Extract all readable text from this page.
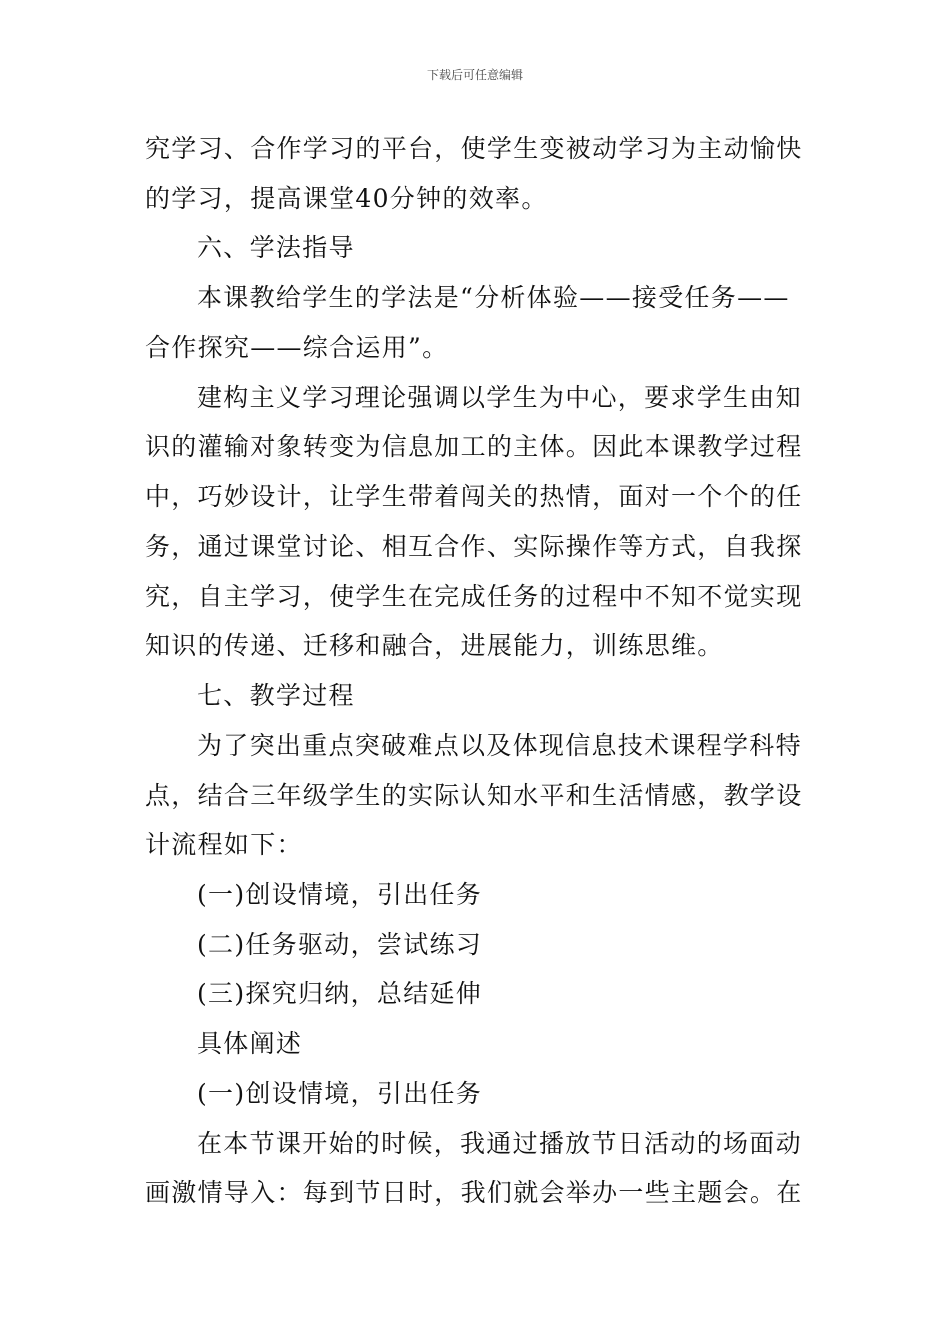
下载后可任意编辑
究学习、合作学习的平台，使学生变被动学习为主动愉快
的学习，提高课堂40分钟的效率。
六、学法指导
本课教给学生的学法是“分析体验——接受任务——
合作探究——综合运用”。
建构主义学习理论强调以学生为中心，要求学生由知
识的灌输对象转变为信息加工的主体。因此本课教学过程
中，巧妙设计，让学生带着闯关的热情，面对一个个的任
务，通过课堂讨论、相互合作、实际操作等方式，自我探
究，自主学习，使学生在完成任务的过程中不知不觉实现
知识的传递、迁移和融合，进展能力，训练思维。
七、教学过程
为了突出重点突破难点以及体现信息技术课程学科特
点，结合三年级学生的实际认知水平和生活情感，教学设
计流程如下：
(一)创设情境，引出任务
(二)任务驱动，尝试练习
(三)探究归纳，总结延伸
具体阐述
(一)创设情境，引出任务
在本节课开始的时候，我通过播放节日活动的场面动
画激情导入：每到节日时，我们就会举办一些主题会。在
